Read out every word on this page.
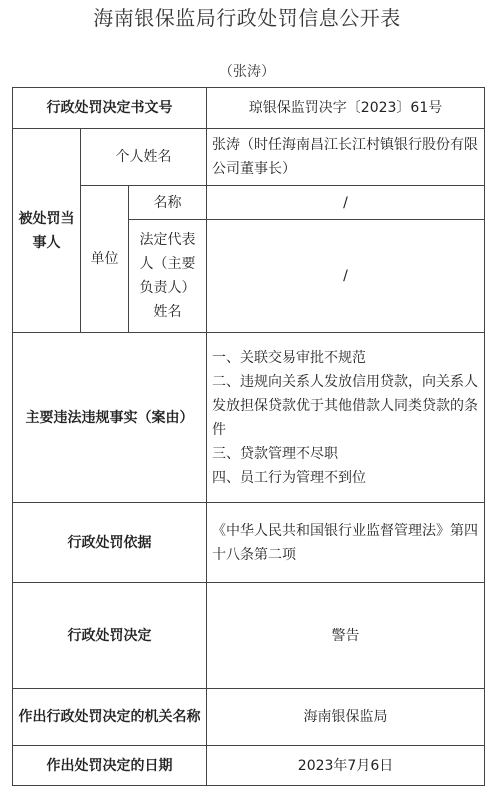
海南银保监局行政处罚信息公开表
（张涛）
行政处罚决定书文号			琼银保监罚决字〔2023〕61号
被处罚当事人	个人姓名		张涛（时任海南昌江长江村镇银行股份有限公司董事长）
	单位	名称	/
		法定代表人（主要负责人）姓名	/
主要违法违规事实（案由）			一、关联交易审批不规范
二、违规向关系人发放信用贷款，向关系人发放担保贷款优于其他借款人同类贷款的条件
三、贷款管理不尽职
四、员工行为管理不到位

行政处罚依据			《中华人民共和国银行业监督管理法》第四十八条第二项
行政处罚决定			警告
作出行政处罚决定的机关名称			海南银保监局
作出处罚决定的日期			2023年7月6日
